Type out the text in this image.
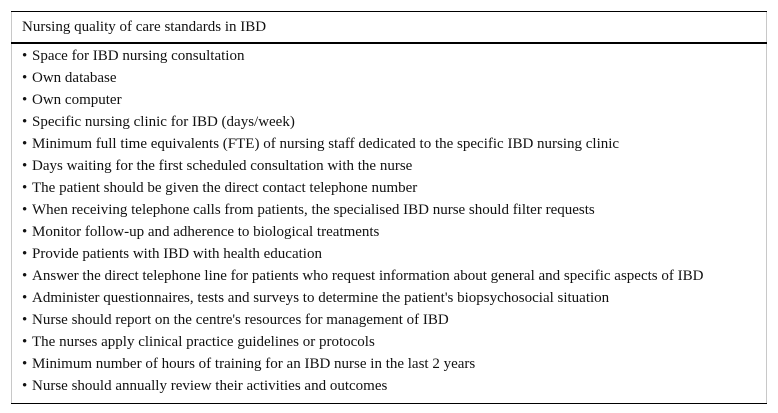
Nursing quality of care standards in IBD
• Space for IBD nursing consultation
• Own database
• Own computer
• Specific nursing clinic for IBD (days/week)
• Minimum full time equivalents (FTE) of nursing staff dedicated to the specific IBD nursing clinic
• Days waiting for the first scheduled consultation with the nurse
• The patient should be given the direct contact telephone number
• When receiving telephone calls from patients, the specialised IBD nurse should filter requests
• Monitor follow-up and adherence to biological treatments
• Provide patients with IBD with health education
• Answer the direct telephone line for patients who request information about general and specific aspects of IBD
• Administer questionnaires, tests and surveys to determine the patient's biopsychosocial situation
• Nurse should report on the centre's resources for management of IBD
• The nurses apply clinical practice guidelines or protocols
• Minimum number of hours of training for an IBD nurse in the last 2 years
• Nurse should annually review their activities and outcomes
